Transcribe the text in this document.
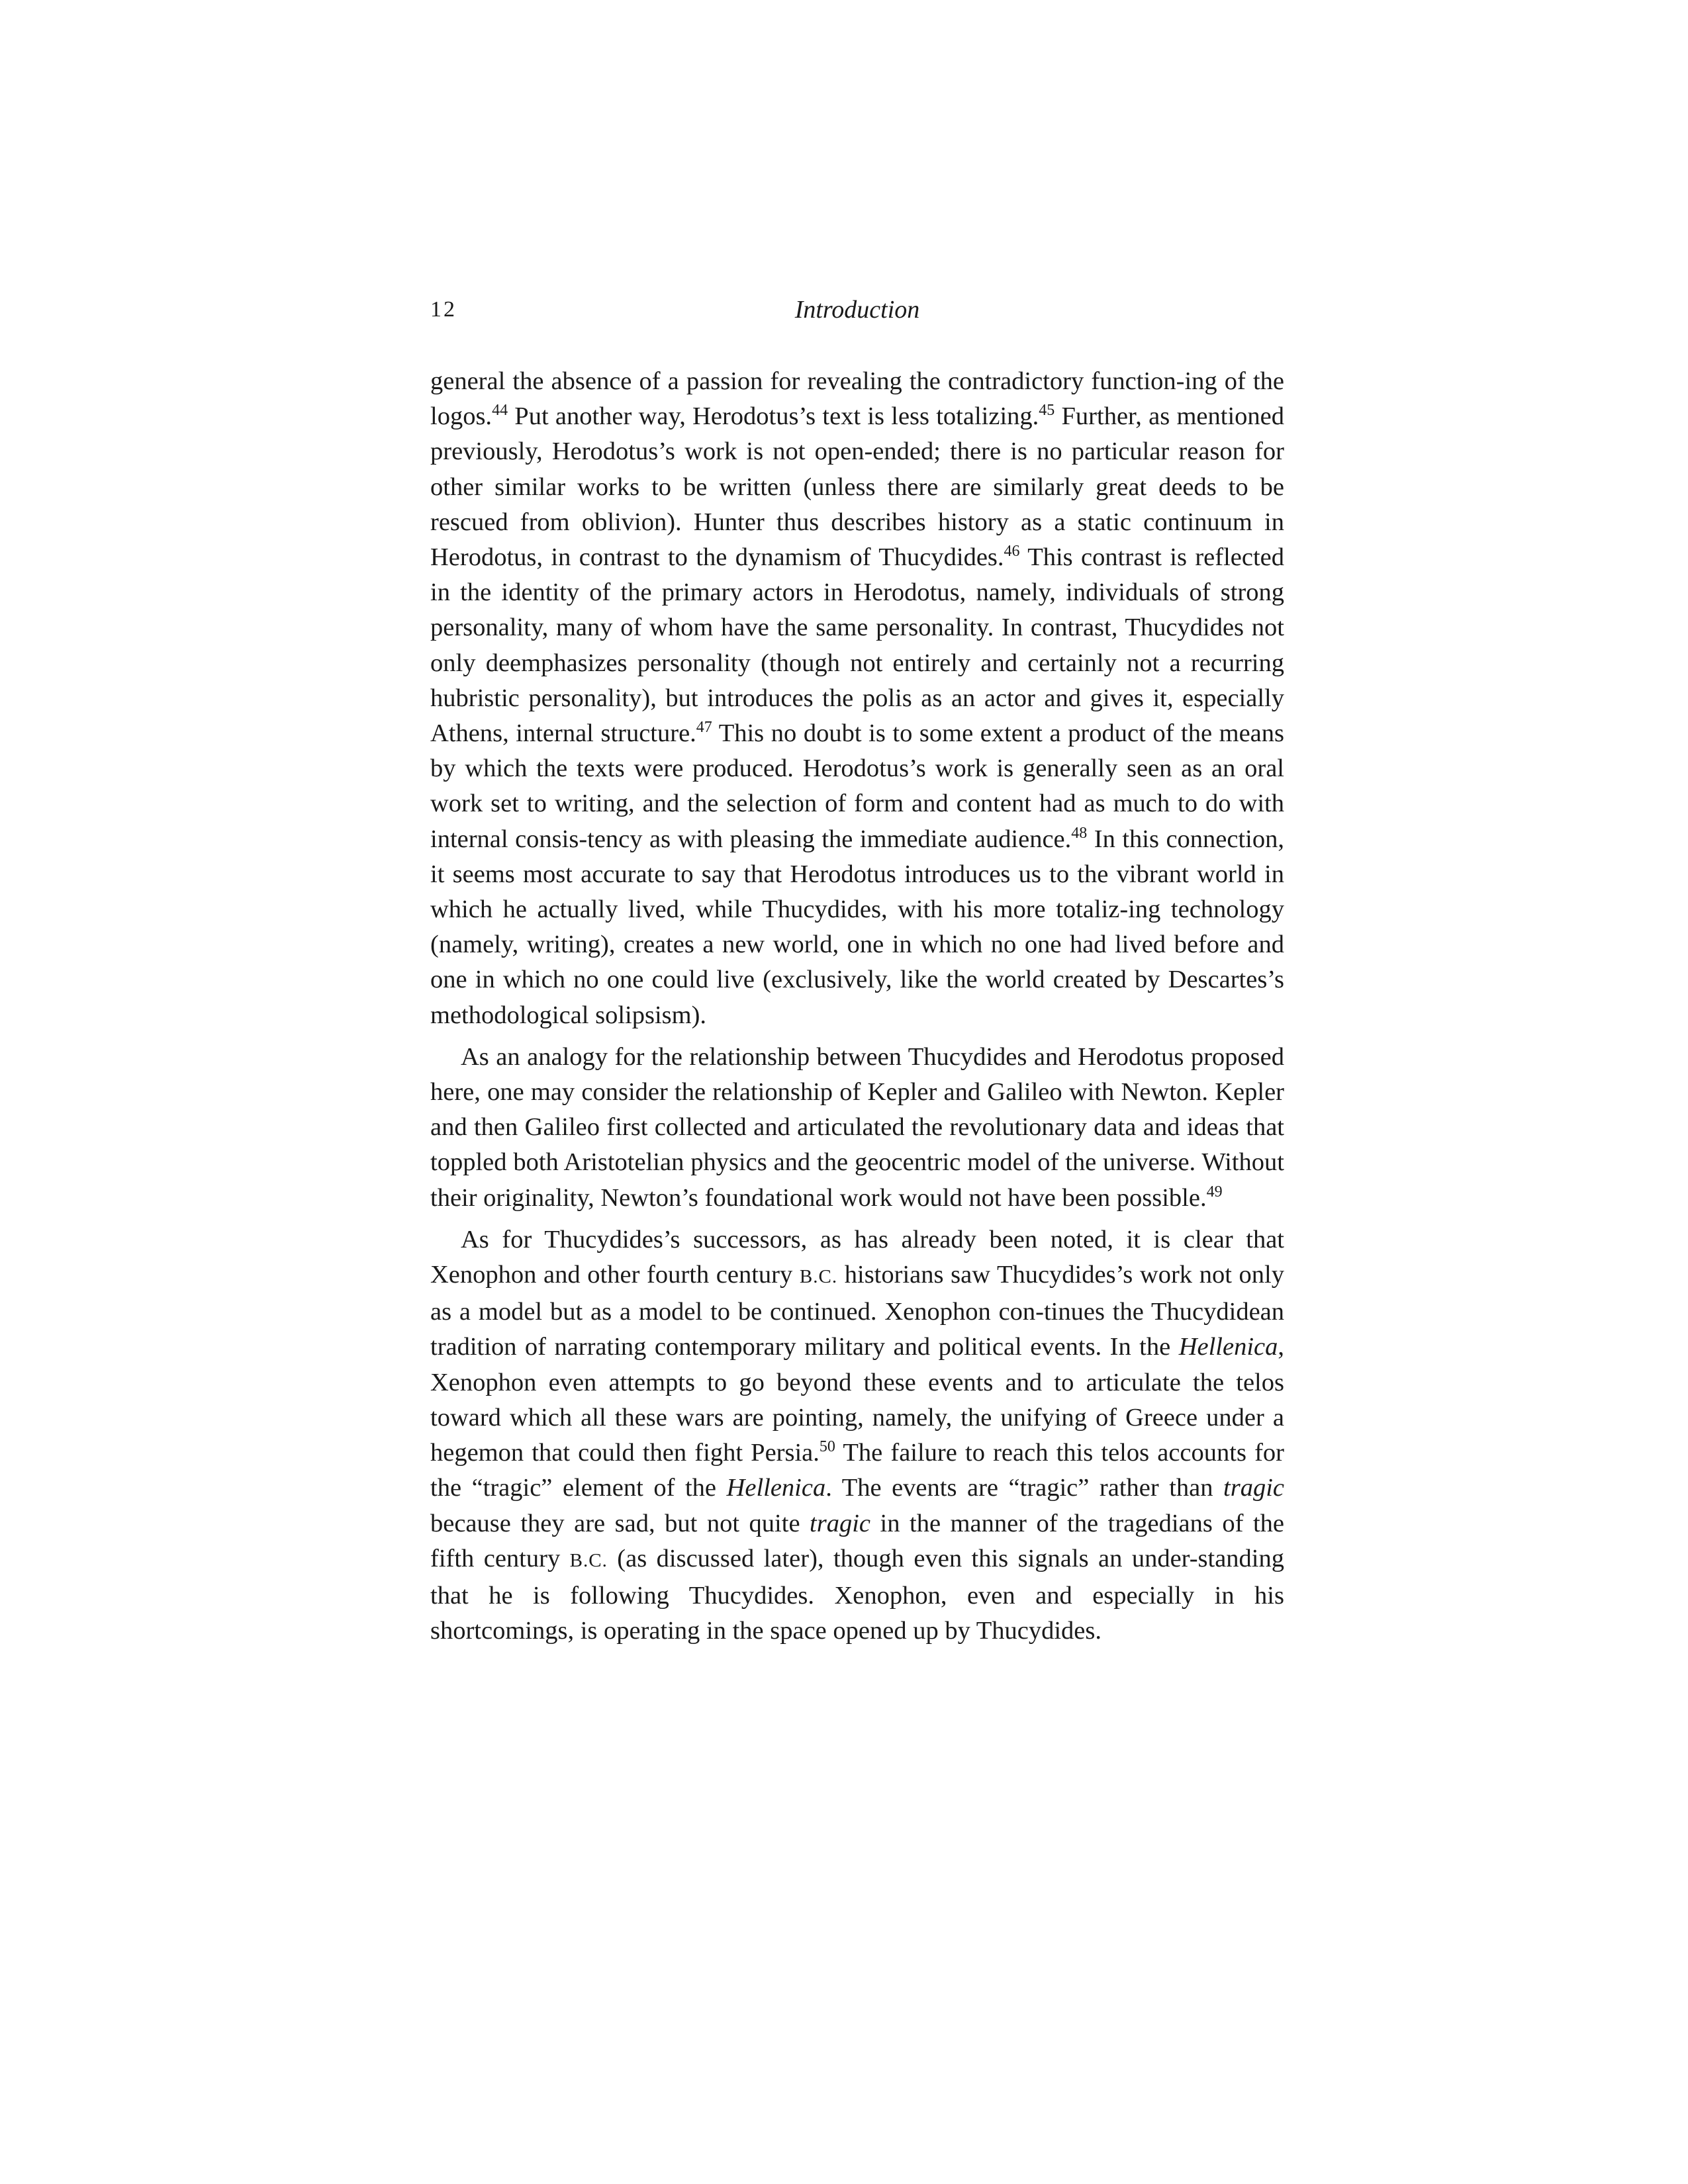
12	Introduction

general the absence of a passion for revealing the contradictory function-ing of the logos.$^{44}$ Put another way, Herodotus’s text is less totalizing.$^{45}$ Further, as mentioned previously, Herodotus’s work is not open-ended; there is no particular reason for other similar works to be written (unless there are similarly great deeds to be rescued from oblivion). Hunter thus describes history as a static continuum in Herodotus, in contrast to the dynamism of Thucydides.$^{46}$ This contrast is reflected in the identity of the primary actors in Herodotus, namely, individuals of strong personality, many of whom have the same personality. In contrast, Thucydides not only deemphasizes personality (though not entirely and certainly not a recurring hubristic personality), but introduces the polis as an actor and gives it, especially Athens, internal structure.$^{47}$ This no doubt is to some extent a product of the means by which the texts were produced. Herodotus’s work is generally seen as an oral work set to writing, and the selection of form and content had as much to do with internal consis-tency as with pleasing the immediate audience.$^{48}$ In this connection, it seems most accurate to say that Herodotus introduces us to the vibrant world in which he actually lived, while Thucydides, with his more totaliz-ing technology (namely, writing), creates a new world, one in which no one had lived before and one in which no one could live (exclusively, like the world created by Descartes’s methodological solipsism).

As an analogy for the relationship between Thucydides and Herodotus proposed here, one may consider the relationship of Kepler and Galileo with Newton. Kepler and then Galileo first collected and articulated the revolutionary data and ideas that toppled both Aristotelian physics and the geocentric model of the universe. Without their originality, Newton’s foundational work would not have been possible.$^{49}$

As for Thucydides’s successors, as has already been noted, it is clear that Xenophon and other fourth century B.C. historians saw Thucydides’s work not only as a model but as a model to be continued. Xenophon con-tinues the Thucydidean tradition of narrating contemporary military and political events. In the Hellenica, Xenophon even attempts to go beyond these events and to articulate the telos toward which all these wars are pointing, namely, the unifying of Greece under a hegemon that could then fight Persia.$^{50}$ The failure to reach this telos accounts for the “tragic” element of the Hellenica. The events are “tragic” rather than tragic because they are sad, but not quite tragic in the manner of the tragedians of the fifth century B.C. (as discussed later), though even this signals an under-standing that he is following Thucydides. Xenophon, even and especially in his shortcomings, is operating in the space opened up by Thucydides.
